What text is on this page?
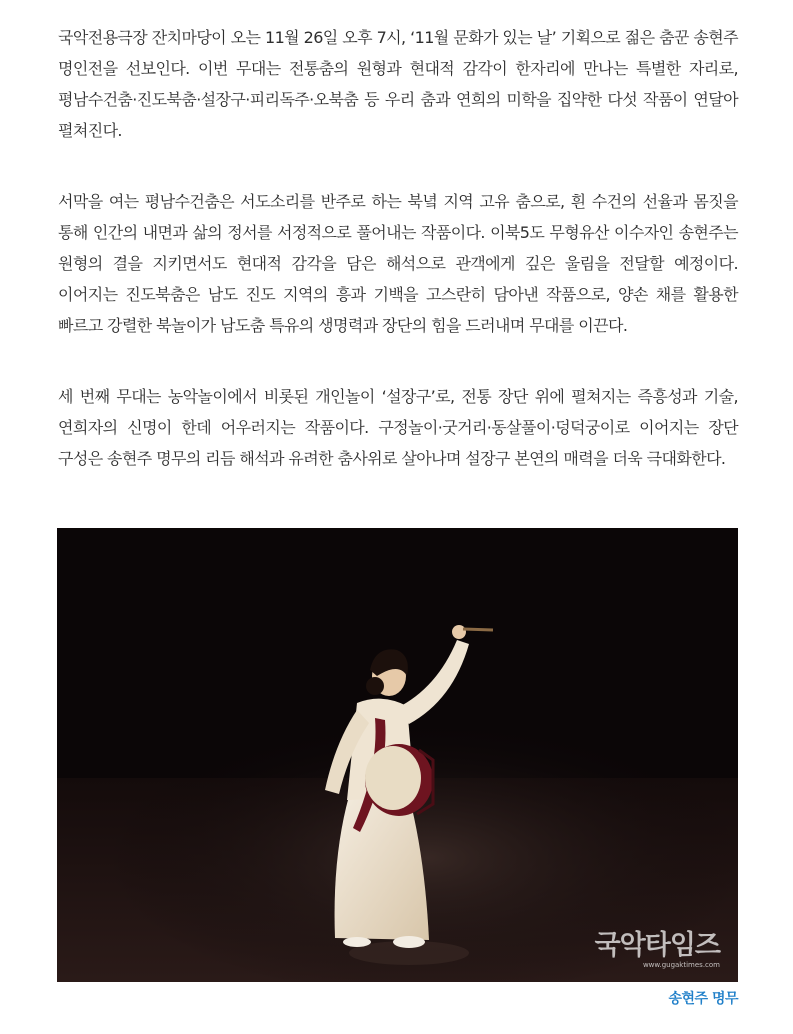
국악전용극장 잔치마당이 오는 11월 26일 오후 7시, ‘11월 문화가 있는 날’ 기획으로 젊은 춤꾼 송현주 명인전을 선보인다. 이번 무대는 전통춤의 원형과 현대적 감각이 한자리에 만나는 특별한 자리로, 평남수건춤·진도북춤·설장구·피리독주·오북춤 등 우리 춤과 연희의 미학을 집약한 다섯 작품이 연달아 펼쳐진다.

서막을 여는 평남수건춤은 서도소리를 반주로 하는 북녘 지역 고유 춤으로, 흰 수건의 선율과 몸짓을 통해 인간의 내면과 삶의 정서를 서정적으로 풀어내는 작품이다. 이북5도 무형유산 이수자인 송현주는 원형의 결을 지키면서도 현대적 감각을 담은 해석으로 관객에게 깊은 울림을 전달할 예정이다. 이어지는 진도북춤은 남도 진도 지역의 흥과 기백을 고스란히 담아낸 작품으로, 양손 채를 활용한 빠르고 강렬한 북놀이가 남도춤 특유의 생명력과 장단의 힘을 드러내며 무대를 이끈다.

세 번째 무대는 농악놀이에서 비롯된 개인놀이 ‘설장구’로, 전통 장단 위에 펼쳐지는 즉흥성과 기술, 연희자의 신명이 한데 어우러지는 작품이다. 구정놀이·굿거리·동살풀이·덩덕궁이로 이어지는 장단 구성은 송현주 명무의 리듬 해석과 유려한 춤사위로 살아나며 설장구 본연의 매력을 더욱 극대화한다.

국악타임즈
www.gugaktimes.com
송현주 명무
